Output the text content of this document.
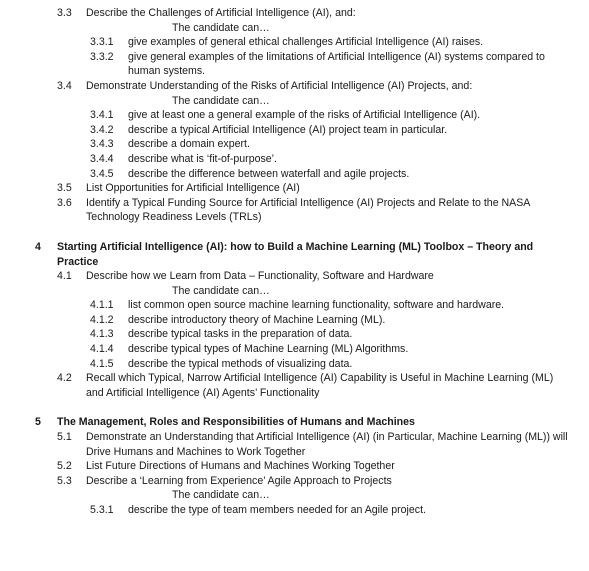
3.3	Describe the Challenges of Artificial Intelligence (AI), and:
The candidate can…
3.3.1	give examples of general ethical challenges Artificial Intelligence (AI) raises.
3.3.2	give general examples of the limitations of Artificial Intelligence (AI) systems compared to human systems.
3.4	Demonstrate Understanding of the Risks of Artificial Intelligence (AI) Projects, and:
The candidate can…
3.4.1	give at least one a general example of the risks of Artificial Intelligence (AI).
3.4.2	describe a typical Artificial Intelligence (AI) project team in particular.
3.4.3	describe a domain expert.
3.4.4	describe what is ‘fit-of-purpose’.
3.4.5	describe the difference between waterfall and agile projects.
3.5	List Opportunities for Artificial Intelligence (AI)
3.6	Identify a Typical Funding Source for Artificial Intelligence (AI) Projects and Relate to the NASA Technology Readiness Levels (TRLs)
4	Starting Artificial Intelligence (AI): how to Build a Machine Learning (ML) Toolbox – Theory and Practice
4.1	Describe how we Learn from Data – Functionality, Software and Hardware
The candidate can…
4.1.1	list common open source machine learning functionality, software and hardware.
4.1.2	describe introductory theory of Machine Learning (ML).
4.1.3	describe typical tasks in the preparation of data.
4.1.4	describe typical types of Machine Learning (ML) Algorithms.
4.1.5	describe the typical methods of visualizing data.
4.2	Recall which Typical, Narrow Artificial Intelligence (AI) Capability is Useful in Machine Learning (ML) and Artificial Intelligence (AI) Agents’ Functionality
5	The Management, Roles and Responsibilities of Humans and Machines
5.1	Demonstrate an Understanding that Artificial Intelligence (AI) (in Particular, Machine Learning (ML)) will Drive Humans and Machines to Work Together
5.2	List Future Directions of Humans and Machines Working Together
5.3	Describe a ‘Learning from Experience’ Agile Approach to Projects
The candidate can…
5.3.1	describe the type of team members needed for an Agile project.
